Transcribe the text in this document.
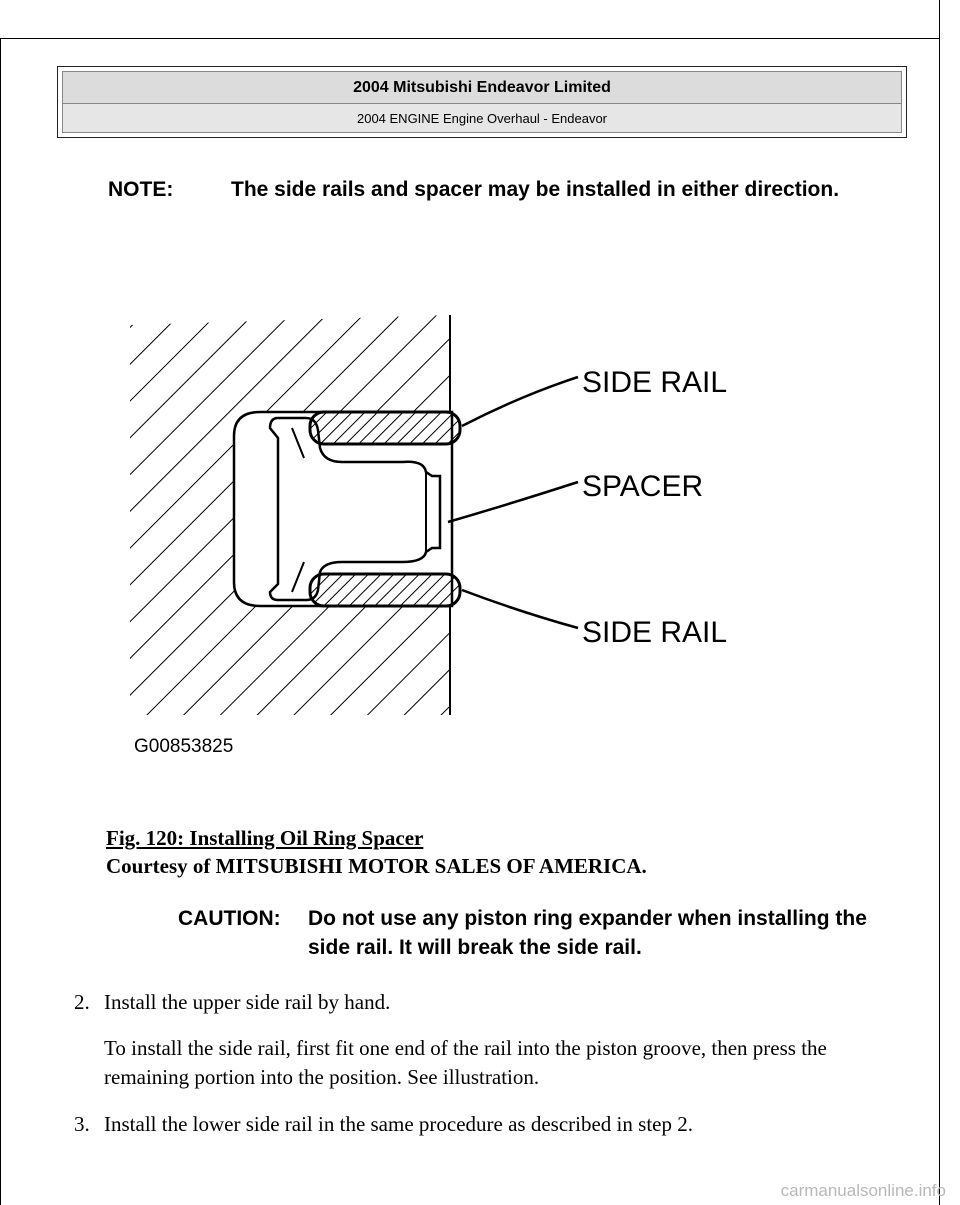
2004 Mitsubishi Endeavor Limited
2004 ENGINE Engine Overhaul - Endeavor
NOTE:	The side rails and spacer may be installed in either direction.
SIDE RAIL
SPACER
SIDE RAIL
G00853825
Fig. 120: Installing Oil Ring Spacer
Courtesy of MITSUBISHI MOTOR SALES OF AMERICA.
CAUTION: Do not use any piston ring expander when installing the side rail. It will break the side rail.
2. Install the upper side rail by hand.
To install the side rail, first fit one end of the rail into the piston groove, then press the remaining portion into the position. See illustration.
3. Install the lower side rail in the same procedure as described in step 2.
carmanualsonline.info
